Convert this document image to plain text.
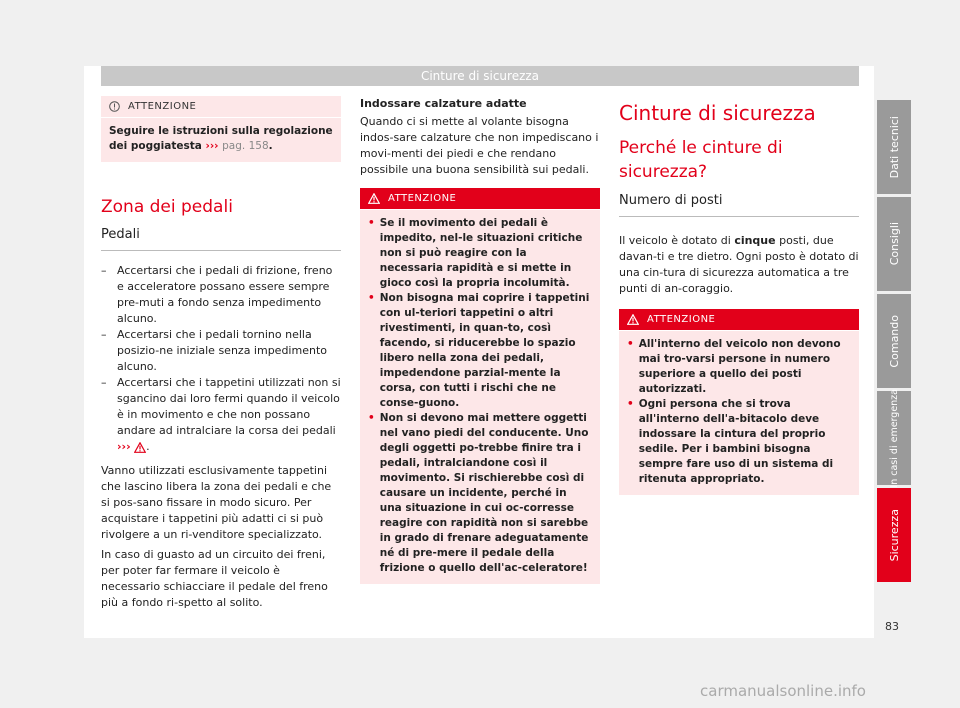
Cinture di sicurezza
ATTENZIONE
Seguire le istruzioni sulla regolazione dei poggiatesta ››› pag. 158.
Zona dei pedali
Pedali
– Accertarsi che i pedali di frizione, freno e acceleratore possano essere sempre pre-muti a fondo senza impedimento alcuno.
– Accertarsi che i pedali tornino nella posizio-ne iniziale senza impedimento alcuno.
– Accertarsi che i tappetini utilizzati non si sgancino dai loro fermi quando il veicolo è in movimento e che non possano andare ad intralciare la corsa dei pedali ››› .

Vanno utilizzati esclusivamente tappetini che lascino libera la zona dei pedali e che si pos-sano fissare in modo sicuro. Per acquistare i tappetini più adatti ci si può rivolgere a un ri-venditore specializzato.

In caso di guasto ad un circuito dei freni, per poter far fermare il veicolo è necessario schiacciare il pedale del freno più a fondo ri-spetto al solito.

Indossare calzature adatte
Quando ci si mette al volante bisogna indos-sare calzature che non impediscano i movi-menti dei piedi e che rendano possibile una buona sensibilità sui pedali.
ATTENZIONE
• Se il movimento dei pedali è impedito, nel-le situazioni critiche non si può reagire con la necessaria rapidità e si mette in gioco così la propria incolumità.
• Non bisogna mai coprire i tappetini con ul-teriori tappetini o altri rivestimenti, in quan-to, così facendo, si riducerebbe lo spazio libero nella zona dei pedali, impedendone parzial-mente la corsa, con tutti i rischi che ne conse-guono.
• Non si devono mai mettere oggetti nel vano piedi del conducente. Uno degli oggetti po-trebbe finire tra i pedali, intralciandone così il movimento. Si rischierebbe così di causare un incidente, perché in una situazione in cui oc-corresse reagire con rapidità non si sarebbe in grado di frenare adeguatamente né di pre-mere il pedale della frizione o quello dell'ac-celeratore!
Cinture di sicurezza
Perché le cinture di sicurezza?
Numero di posti

Il veicolo è dotato di cinque posti, due davan-ti e tre dietro. Ogni posto è dotato di una cin-tura di sicurezza automatica a tre punti di an-coraggio.

ATTENZIONE
• All'interno del veicolo non devono mai tro-varsi persone in numero superiore a quello dei posti autorizzati.
• Ogni persona che si trova all'interno dell'a-bitacolo deve indossare la cintura del proprio sedile. Per i bambini bisogna sempre fare uso di un sistema di ritenuta appropriato.
Dati tecnici
Consigli
Comando
In casi di emergenza
Sicurezza
83
carmanualsonline.info
